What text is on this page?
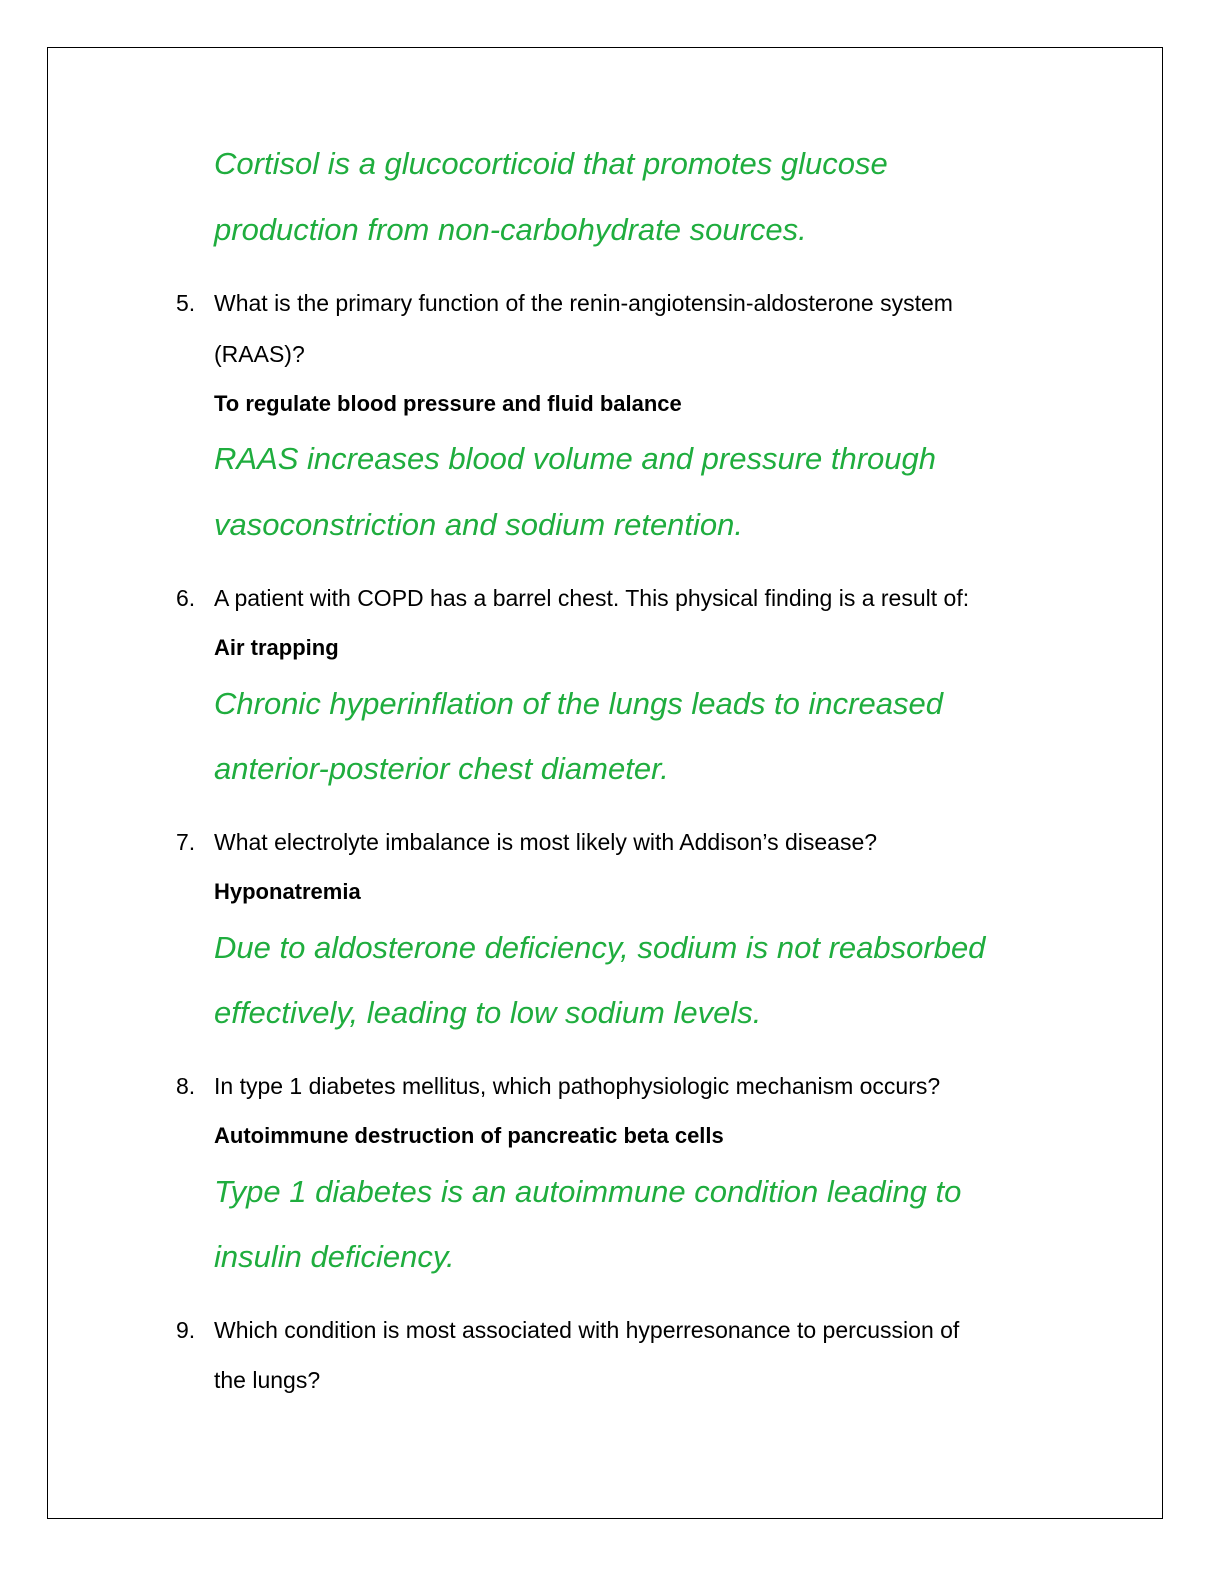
Cortisol is a glucocorticoid that promotes glucose
production from non-carbohydrate sources.
5. What is the primary function of the renin-angiotensin-aldosterone system
(RAAS)?
To regulate blood pressure and fluid balance
RAAS increases blood volume and pressure through
vasoconstriction and sodium retention.
6. A patient with COPD has a barrel chest. This physical finding is a result of:
Air trapping
Chronic hyperinflation of the lungs leads to increased
anterior-posterior chest diameter.
7. What electrolyte imbalance is most likely with Addison’s disease?
Hyponatremia
Due to aldosterone deficiency, sodium is not reabsorbed
effectively, leading to low sodium levels.
8. In type 1 diabetes mellitus, which pathophysiologic mechanism occurs?
Autoimmune destruction of pancreatic beta cells
Type 1 diabetes is an autoimmune condition leading to
insulin deficiency.
9. Which condition is most associated with hyperresonance to percussion of
the lungs?
